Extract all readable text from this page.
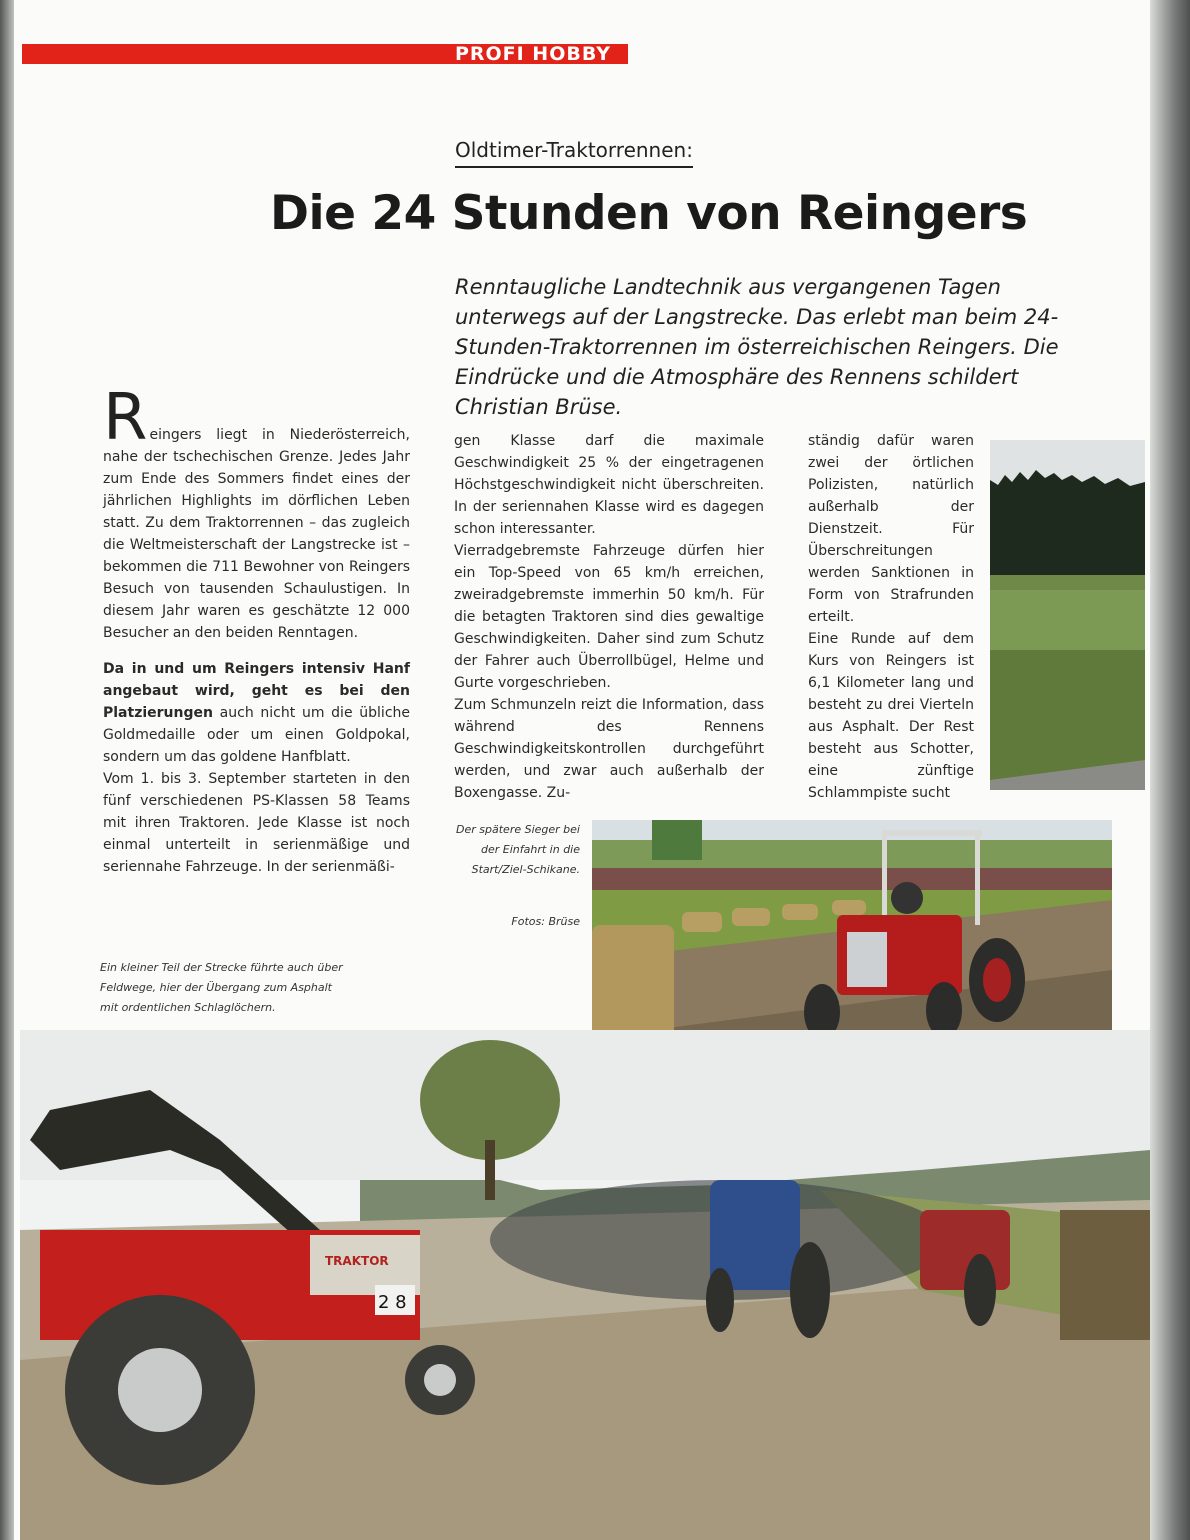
PROFI HOBBY
Oldtimer-Traktorrennen:
Die 24 Stunden von Reingers
Renntaugliche Landtechnik aus vergangenen Tagen unterwegs auf der Langstrecke. Das erlebt man beim 24-Stunden-Traktorrennen im österreichischen Reingers. Die Eindrücke und die Atmosphäre des Rennens schildert Christian Brüse.

Reingers liegt in Niederösterreich, nahe der tschechischen Grenze. Jedes Jahr zum Ende des Sommers findet eines der jährlichen Highlights im dörflichen Leben statt. Zu dem Traktorrennen – das zugleich die Weltmeisterschaft der Langstrecke ist – bekommen die 711 Bewohner von Reingers Besuch von tausenden Schaulustigen. In diesem Jahr waren es geschätzte 12 000 Besucher an den beiden Renntagen.

Da in und um Reingers intensiv Hanf angebaut wird, geht es bei den Platzierungen auch nicht um die übliche Goldmedaille oder um einen Goldpokal, sondern um das goldene Hanfblatt.

Vom 1. bis 3. September starteten in den fünf verschiedenen PS-Klassen 58 Teams mit ihren Traktoren. Jede Klasse ist noch einmal unterteilt in serienmäßige und seriennahe Fahrzeuge. In der serienmäßi-

gen Klasse darf die maximale Geschwindigkeit 25 % der eingetragenen Höchstgeschwindigkeit nicht überschreiten. In der seriennahen Klasse wird es dagegen schon interessanter.

Vierradgebremste Fahrzeuge dürfen hier ein Top-Speed von 65 km/h erreichen, zweiradgebremste immerhin 50 km/h. Für die betagten Traktoren sind dies gewaltige Geschwindigkeiten. Daher sind zum Schutz der Fahrer auch Überrollbügel, Helme und Gurte vorgeschrieben.

Zum Schmunzeln reizt die Information, dass während des Rennens Geschwindigkeitskontrollen durchgeführt werden, und zwar auch außerhalb der Boxengasse. Zu-

ständig dafür waren zwei der örtlichen Polizisten, natürlich außerhalb der Dienstzeit. Für Überschreitungen werden Sanktionen in Form von Strafrunden erteilt.

Eine Runde auf dem Kurs von Reingers ist 6,1 Kilometer lang und besteht zu drei Vierteln aus Asphalt. Der Rest besteht aus Schotter, eine zünftige Schlammpiste sucht

Der spätere Sieger bei der Einfahrt in die Start/Ziel-Schikane.
Fotos: Brüse
Ein kleiner Teil der Strecke führte auch über Feldwege, hier der Übergang zum Asphalt mit ordentlichen Schlaglöchern.
2 8
TRAKTOR
